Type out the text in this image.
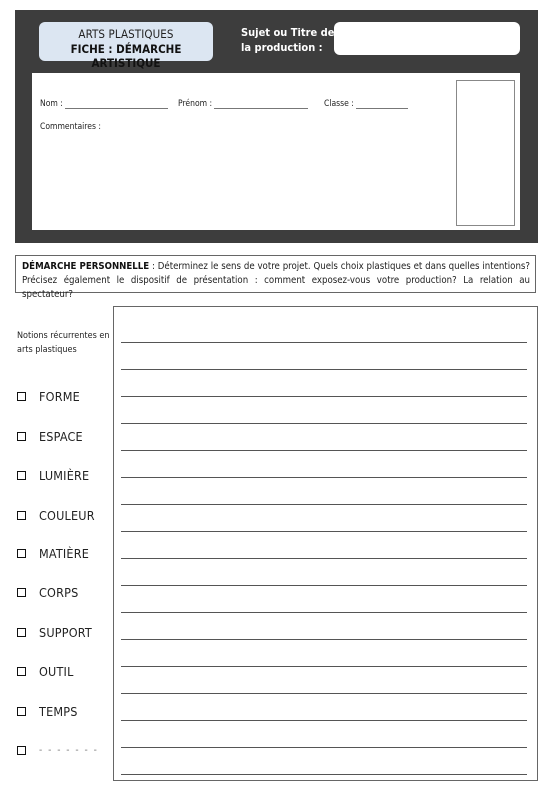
ARTS PLASTIQUES
FICHE : DÉMARCHE ARTISTIQUE
Sujet ou Titre de la production :
Nom :	Prénom :	Classe :
Commentaires :
DÉMARCHE PERSONNELLE : Déterminez le sens de votre projet. Quels choix plastiques et dans quelles intentions? Précisez également le dispositif de présentation : comment exposez-vous votre production? La relation au spectateur?
Notions récurrentes en arts plastiques
FORME
ESPACE
LUMIÈRE
COULEUR
MATIÈRE
CORPS
SUPPORT
OUTIL
TEMPS
- - - - - - -
